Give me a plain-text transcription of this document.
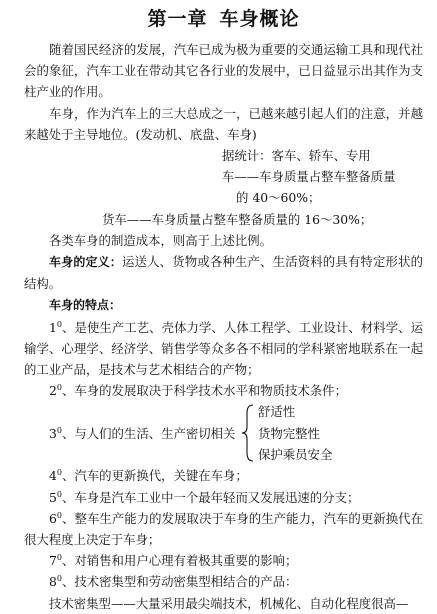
第一章 车身概论

随着国民经济的发展，汽车已成为极为重要的交通运输工具和现代社会的象征，汽车工业在带动其它各行业的发展中，已日益显示出其作为支柱产业的作用。

车身，作为汽车上的三大总成之一，已越来越引起人们的注意，并越来越处于主导地位。(发动机、底盘、车身)

据统计：客车、轿车、专用

车——车身质量占整车整备质量

的 40～60%；

货车——车身质量占整车整备质量的 16～30%；

各类车身的制造成本，则高于上述比例。

车身的定义：运送人、货物或各种生产、生活资料的具有特定形状的结构。

车身的特点：

$1^0$、是使生产工艺、壳体力学、人体工程学、工业设计、材料学、运输学、心理学、经济学、销售学等众多各不相同的学科紧密地联系在一起的工业产品，是技术与艺术相结合的产物；

$2^0$、车身的发展取决于科学技术水平和物质技术条件；

$3^0$、与人们的生活、生产密切相关
舒适性
货物完整性
保护乘员安全

$4^0$、汽车的更新换代，关键在车身；

$5^0$、车身是汽车工业中一个最年轻而又发展迅速的分支；

$6^0$、整车生产能力的发展取决于车身的生产能力，汽车的更新换代在很大程度上决定于车身；

$7^0$、对销售和用户心理有着极其重要的影响；

$8^0$、技术密集型和劳动密集型相结合的产品：

技术密集型——大量采用最尖端技术，机械化、自动化程度很高—
